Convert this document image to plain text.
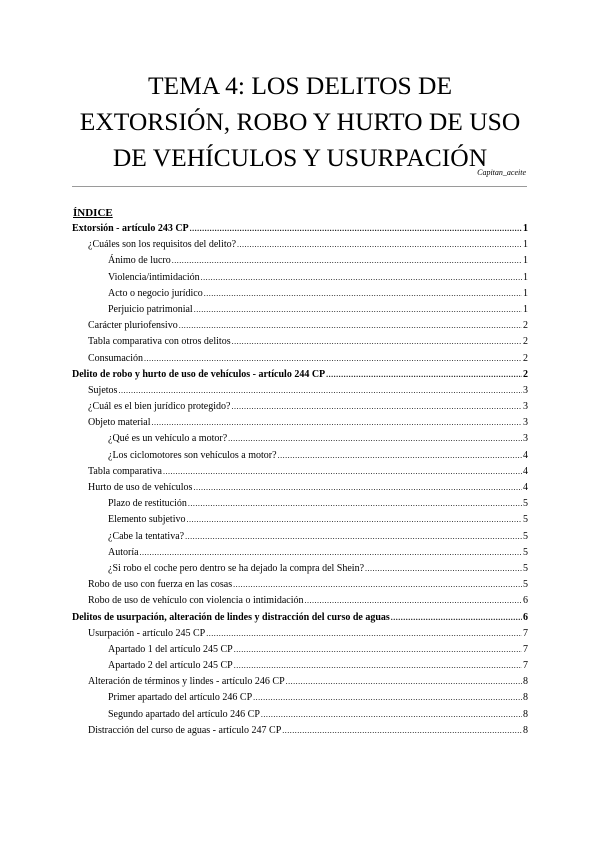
TEMA 4: LOS DELITOS DE
EXTORSIÓN, ROBO Y HURTO DE USO
DE VEHÍCULOS Y USURPACIÓN
Capitan_aceite
ÍNDICE
Extorsión - artículo 243 CP .....	1
¿Cuáles son los requisitos del delito? .....	1
Ánimo de lucro .....	1
Violencia/intimidación .....	1
Acto o negocio jurídico .....	1
Perjuicio patrimonial .....	1
Carácter pluriofensivo .....	2
Tabla comparativa con otros delitos .....	2
Consumación .....	2
Delito de robo y hurto de uso de vehículos - artículo 244 CP .....	2
Sujetos .....	3
¿Cuál es el bien jurídico protegido? .....	3
Objeto material .....	3
¿Qué es un vehículo a motor? .....	3
¿Los ciclomotores son vehículos a motor? .....	4
Tabla comparativa .....	4
Hurto de uso de vehículos .....	4
Plazo de restitución .....	5
Elemento subjetivo .....	5
¿Cabe la tentativa? .....	5
Autoría .....	5
¿Si robo el coche pero dentro se ha dejado la compra del Shein? .....	5
Robo de uso con fuerza en las cosas .....	5
Robo de uso de vehículo con violencia o intimidación .....	6
Delitos de usurpación, alteración de lindes y distracción del curso de aguas .....	6
Usurpación - artículo 245 CP .....	7
Apartado 1 del artículo 245 CP .....	7
Apartado 2 del artículo 245 CP .....	7
Alteración de términos y lindes - artículo 246 CP .....	8
Primer apartado del artículo 246 CP .....	8
Segundo apartado del artículo 246 CP .....	8
Distracción del curso de aguas - artículo 247 CP .....	8
